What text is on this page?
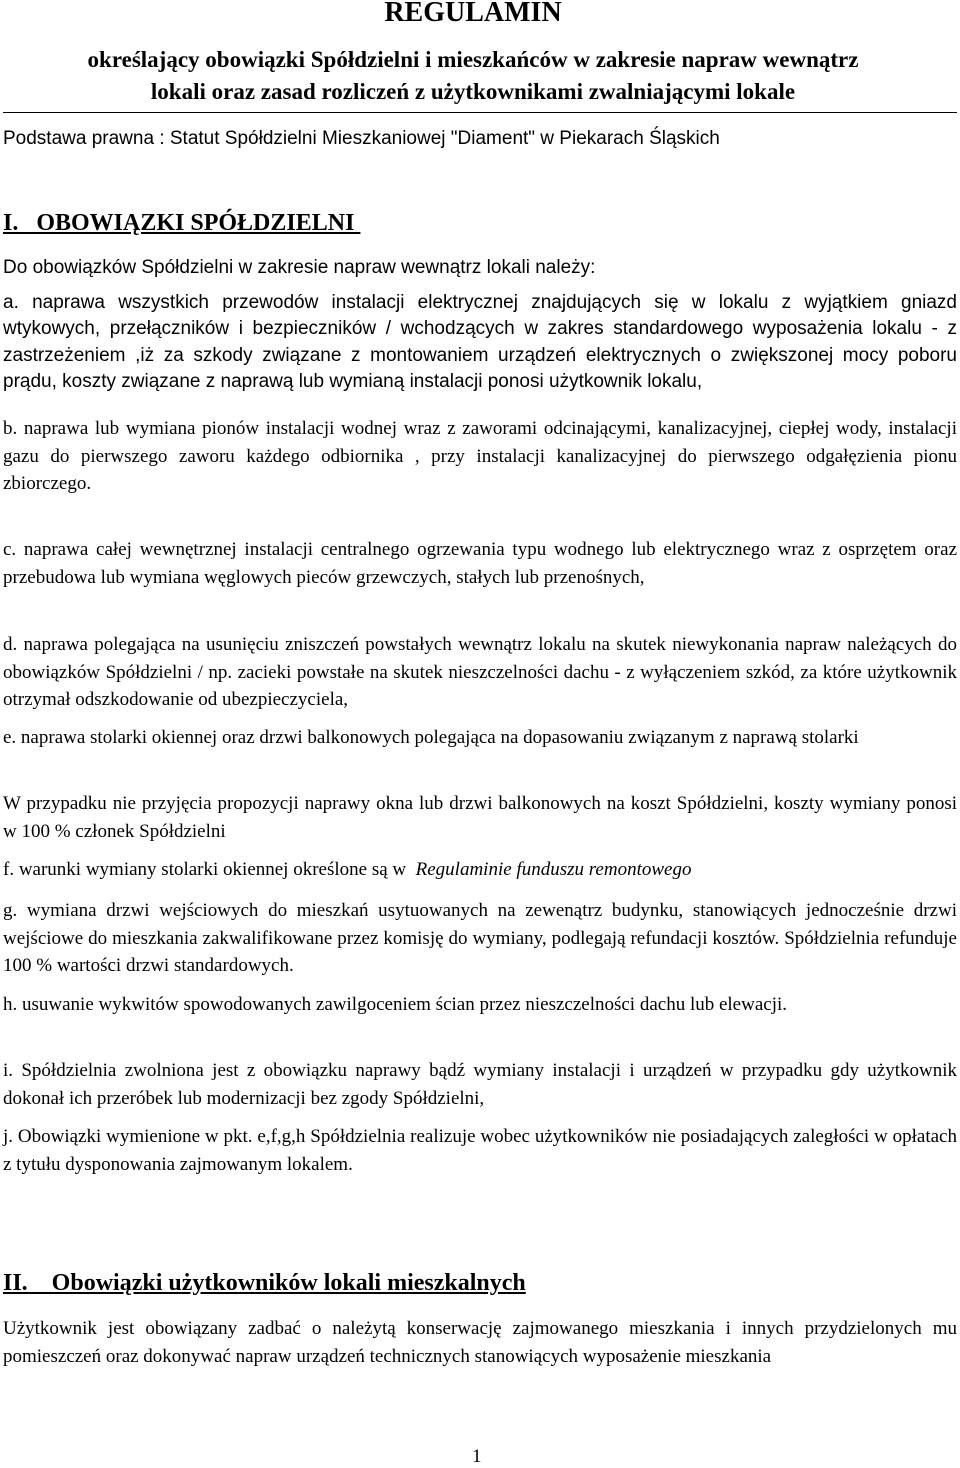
REGULAMIN
określający obowiązki Spółdzielni i mieszkańców w zakresie napraw wewnątrz
lokali oraz zasad rozliczeń z użytkownikami zwalniającymi lokale
Podstawa prawna : Statut Spółdzielni Mieszkaniowej "Diament" w Piekarach Śląskich
I.   OBOWIĄZKI SPÓŁDZIELNI
Do obowiązków Spółdzielni w zakresie napraw wewnątrz lokali należy:

a. naprawa wszystkich przewodów instalacji elektrycznej znajdujących się w lokalu z wyjątkiem gniazd wtykowych, przełączników i bezpieczników / wchodzących w zakres standardowego wyposażenia lokalu - z zastrzeżeniem ,iż za szkody związane z montowaniem urządzeń elektrycznych o zwiększonej mocy poboru prądu, koszty związane z naprawą lub wymianą instalacji ponosi użytkownik lokalu,

b. naprawa lub wymiana pionów instalacji wodnej wraz z zaworami odcinającymi, kanalizacyjnej, ciepłej wody, instalacji gazu do pierwszego zaworu każdego odbiornika , przy instalacji kanalizacyjnej do pierwszego odgałęzienia pionu zbiorczego.

c. naprawa całej wewnętrznej instalacji centralnego ogrzewania typu wodnego lub elektrycznego wraz z osprzętem oraz przebudowa lub wymiana węglowych pieców grzewczych, stałych lub przenośnych,

d. naprawa polegająca na usunięciu zniszczeń powstałych wewnątrz lokalu na skutek niewykonania napraw należących do obowiązków Spółdzielni / np. zacieki powstałe na skutek nieszczelności dachu - z wyłączeniem szkód, za które użytkownik otrzymał odszkodowanie od ubezpieczyciela,

e. naprawa stolarki okiennej oraz drzwi balkonowych polegająca na dopasowaniu związanym z naprawą stolarki

W przypadku nie przyjęcia propozycji naprawy okna lub drzwi balkonowych na koszt Spółdzielni, koszty wymiany ponosi w 100 % członek Spółdzielni

f. warunki wymiany stolarki okiennej określone są w  Regulaminie funduszu remontowego

g. wymiana drzwi wejściowych do mieszkań usytuowanych na zewenątrz budynku, stanowiących jednocześnie drzwi wejściowe do mieszkania zakwalifikowane przez komisję do wymiany, podlegają refundacji kosztów. Spółdzielnia refunduje 100 % wartości drzwi standardowych.

h. usuwanie wykwitów spowodowanych zawilgoceniem ścian przez nieszczelności dachu lub elewacji.

i. Spółdzielnia zwolniona jest z obowiązku naprawy bądź wymiany instalacji i urządzeń w przypadku gdy użytkownik dokonał ich przeróbek lub modernizacji bez zgody Spółdzielni,

j. Obowiązki wymienione w pkt. e,f,g,h Spółdzielnia realizuje wobec użytkowników nie posiadających zaległości w opłatach z tytułu dysponowania zajmowanym lokalem.

II.    Obowiązki użytkowników lokali mieszkalnych

Użytkownik jest obowiązany zadbać o należytą konserwację zajmowanego mieszkania i innych przydzielonych mu pomieszczeń oraz dokonywać napraw urządzeń technicznych stanowiących wyposażenie mieszkania

1
